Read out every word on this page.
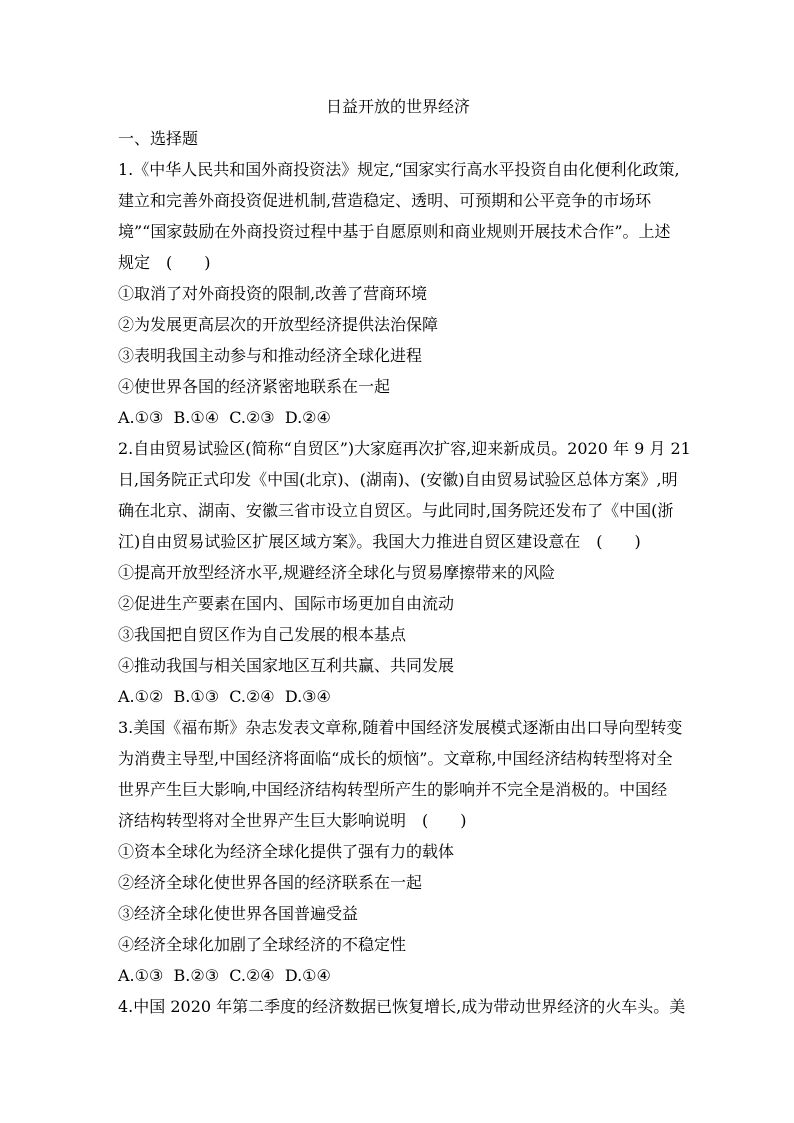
日益开放的世界经济
一、选择题
1.《中华人民共和国外商投资法》规定,“国家实行高水平投资自由化便利化政策,
建立和完善外商投资促进机制,营造稳定、透明、可预期和公平竞争的市场环
境”“国家鼓励在外商投资过程中基于自愿原则和商业规则开展技术合作”。上述
规定　(　　)
①取消了对外商投资的限制,改善了营商环境
②为发展更高层次的开放型经济提供法治保障
③表明我国主动参与和推动经济全球化进程
④使世界各国的经济紧密地联系在一起
A.①③  B.①④  C.②③  D.②④
2.自由贸易试验区(简称“自贸区”)大家庭再次扩容,迎来新成员。2020 年 9 月 21
日,国务院正式印发《中国(北京)、(湖南)、(安徽)自由贸易试验区总体方案》,明
确在北京、湖南、安徽三省市设立自贸区。与此同时,国务院还发布了《中国(浙
江)自由贸易试验区扩展区域方案》。我国大力推进自贸区建设意在　(　　)
①提高开放型经济水平,规避经济全球化与贸易摩擦带来的风险
②促进生产要素在国内、国际市场更加自由流动
③我国把自贸区作为自己发展的根本基点
④推动我国与相关国家地区互利共赢、共同发展
A.①②  B.①③  C.②④  D.③④
3.美国《福布斯》杂志发表文章称,随着中国经济发展模式逐渐由出口导向型转变
为消费主导型,中国经济将面临“成长的烦恼”。文章称,中国经济结构转型将对全
世界产生巨大影响,中国经济结构转型所产生的影响并不完全是消极的。中国经
济结构转型将对全世界产生巨大影响说明　(　　)
①资本全球化为经济全球化提供了强有力的载体
②经济全球化使世界各国的经济联系在一起
③经济全球化使世界各国普遍受益
④经济全球化加剧了全球经济的不稳定性
A.①③  B.②③  C.②④  D.①④
4.中国 2020 年第二季度的经济数据已恢复增长,成为带动世界经济的火车头。美
